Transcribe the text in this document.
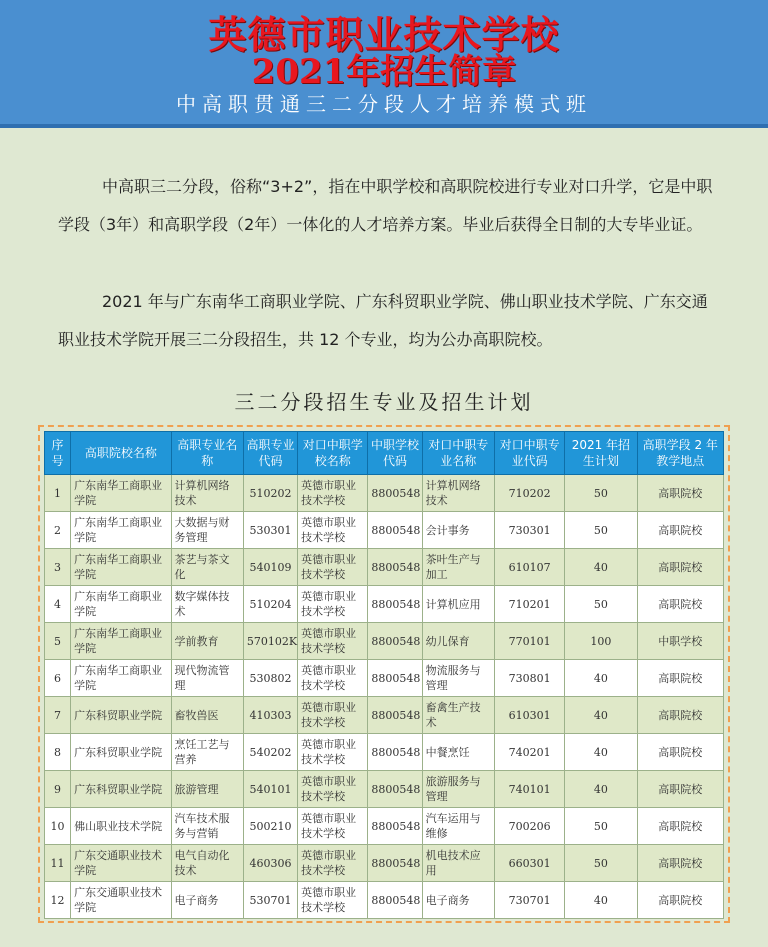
英德市职业技术学校
2021年招生简章
中高职贯通三二分段人才培养模式班

中高职三二分段，俗称“3+2”，指在中职学校和高职院校进行专业对口升学，它是中职学段（3年）和高职学段（2年）一体化的人才培养方案。毕业后获得全日制的大专毕业证。

2021 年与广东南华工商职业学院、广东科贸职业学院、佛山职业技术学院、广东交通职业技术学院开展三二分段招生，共 12 个专业，均为公办高职院校。

三二分段招生专业及招生计划
序号	高职院校名称	高职专业名称	高职专业代码	对口中职学校名称	中职学校代码	对口中职专业名称	对口中职专业代码	2021 年招生计划	高职学段 2 年教学地点
1	广东南华工商职业学院	计算机网络技术	510202	英德市职业技术学校	8800548	计算机网络技术	710202	50	高职院校
2	广东南华工商职业学院	大数据与财务管理	530301	英德市职业技术学校	8800548	会计事务	730301	50	高职院校
3	广东南华工商职业学院	茶艺与茶文化	540109	英德市职业技术学校	8800548	茶叶生产与加工	610107	40	高职院校
4	广东南华工商职业学院	数字媒体技术	510204	英德市职业技术学校	8800548	计算机应用	710201	50	高职院校
5	广东南华工商职业学院	学前教育	570102K	英德市职业技术学校	8800548	幼儿保育	770101	100	中职学校
6	广东南华工商职业学院	现代物流管理	530802	英德市职业技术学校	8800548	物流服务与管理	730801	40	高职院校
7	广东科贸职业学院	畜牧兽医	410303	英德市职业技术学校	8800548	畜禽生产技术	610301	40	高职院校
8	广东科贸职业学院	烹饪工艺与营养	540202	英德市职业技术学校	8800548	中餐烹饪	740201	40	高职院校
9	广东科贸职业学院	旅游管理	540101	英德市职业技术学校	8800548	旅游服务与管理	740101	40	高职院校
10	佛山职业技术学院	汽车技术服务与营销	500210	英德市职业技术学校	8800548	汽车运用与维修	700206	50	高职院校
11	广东交通职业技术学院	电气自动化技术	460306	英德市职业技术学校	8800548	机电技术应用	660301	50	高职院校
12	广东交通职业技术学院	电子商务	530701	英德市职业技术学校	8800548	电子商务	730701	40	高职院校
